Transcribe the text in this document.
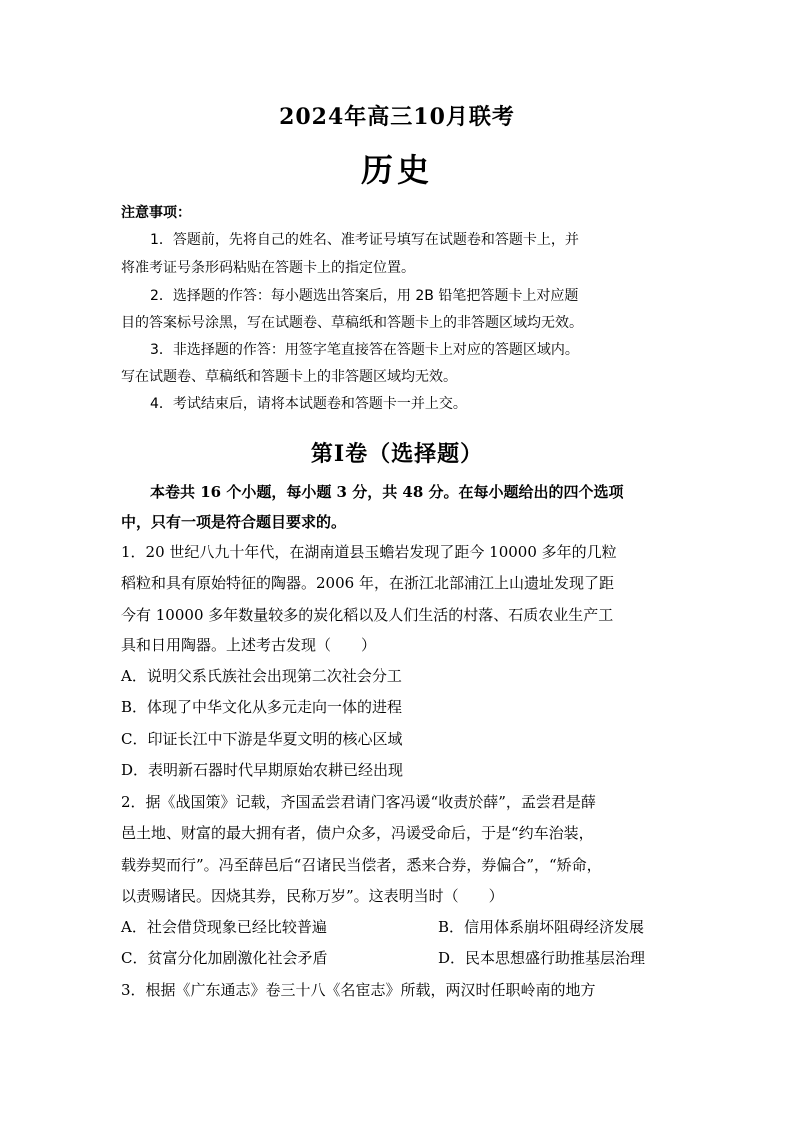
2024年高三10月联考
历史
注意事项：
1．答题前，先将自己的姓名、准考证号填写在试题卷和答题卡上，并
将准考证号条形码粘贴在答题卡上的指定位置。
2．选择题的作答：每小题选出答案后，用 2B 铅笔把答题卡上对应题
目的答案标号涂黑，写在试题卷、草稿纸和答题卡上的非答题区域均无效。
3．非选择题的作答：用签字笔直接答在答题卡上对应的答题区域内。
写在试题卷、草稿纸和答题卡上的非答题区域均无效。
4．考试结束后，请将本试题卷和答题卡一并上交。
第Ⅰ卷（选择题）
本卷共 16 个小题，每小题 3 分，共 48 分。在每小题给出的四个选项
中，只有一项是符合题目要求的。
1．20 世纪八九十年代，在湖南道县玉蟾岩发现了距今 10000 多年的几粒
稻粒和具有原始特征的陶器。2006 年，在浙江北部浦江上山遗址发现了距
今有 10000 多年数量较多的炭化稻以及人们生活的村落、石质农业生产工
具和日用陶器。上述考古发现（　　）
A．说明父系氏族社会出现第二次社会分工
B．体现了中华文化从多元走向一体的进程
C．印证长江中下游是华夏文明的核心区域
D．表明新石器时代早期原始农耕已经出现
2．据《战国策》记载，齐国孟尝君请门客冯谖“收责於薛”，孟尝君是薛
邑土地、财富的最大拥有者，债户众多，冯谖受命后，于是“约车治装，
载券契而行”。冯至薛邑后“召诸民当偿者，悉来合券，券偏合”，“矫命，
以责赐诸民。因烧其券，民称万岁”。这表明当时（　　）
A．社会借贷现象已经比较普遍	B．信用体系崩坏阻碍经济发展
C．贫富分化加剧激化社会矛盾	D．民本思想盛行助推基层治理
3．根据《广东通志》卷三十八《名宦志》所载，两汉时任职岭南的地方
